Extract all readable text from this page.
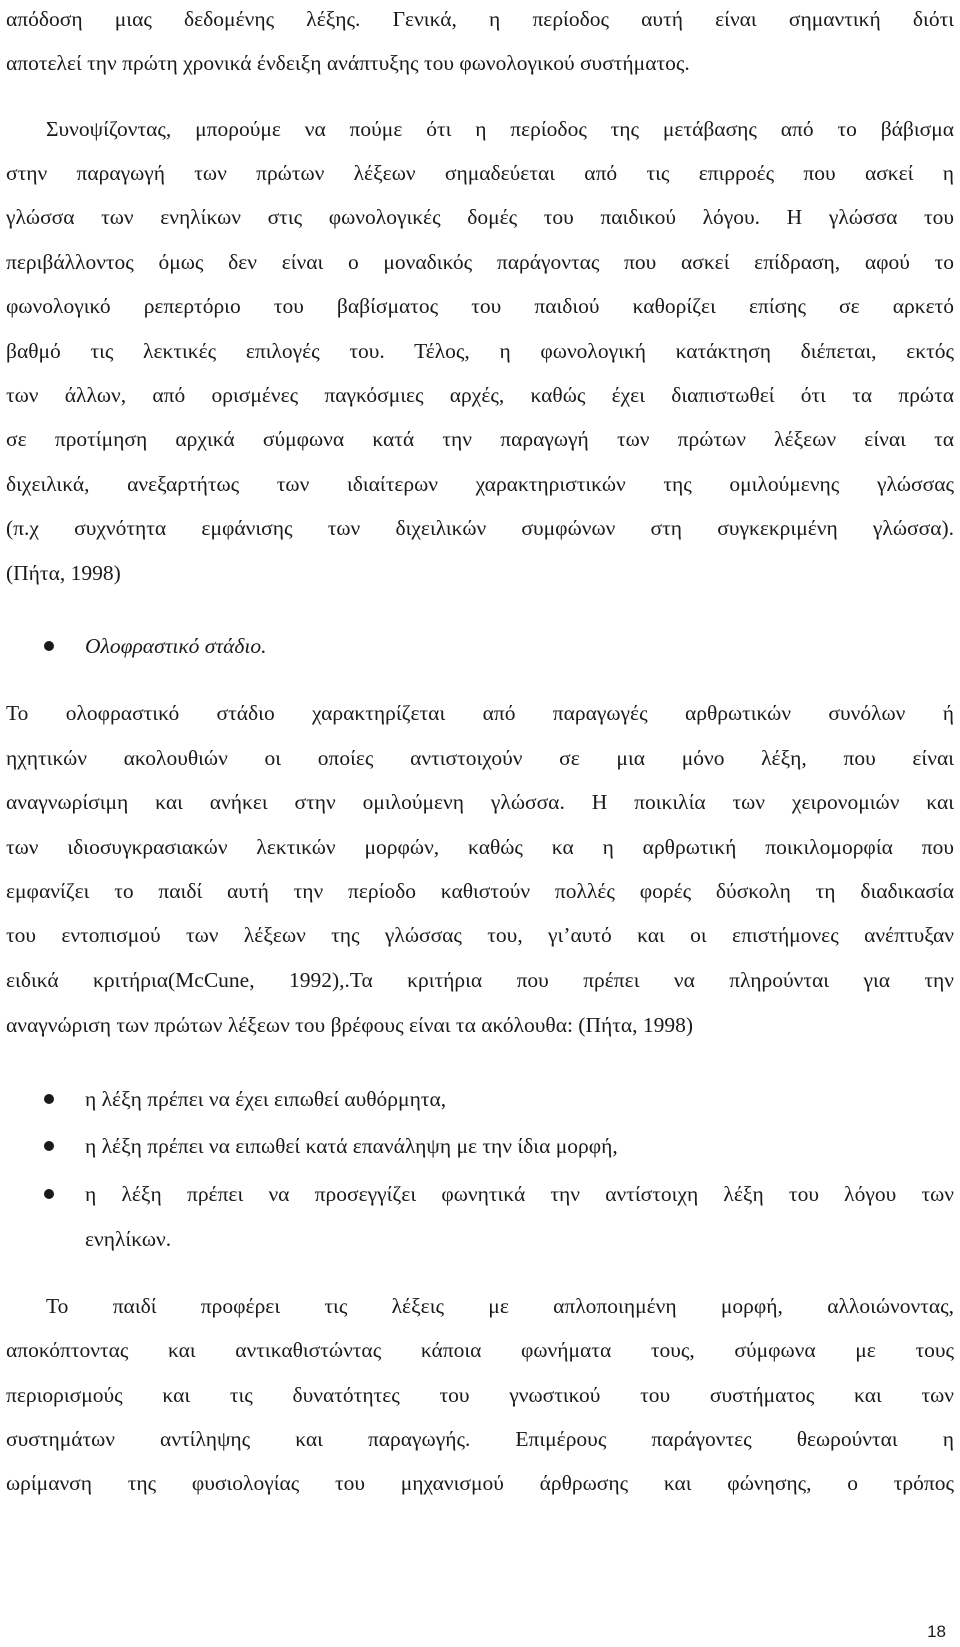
απόδοση μιας δεδομένης λέξης. Γενικά, η περίοδος αυτή είναι σημαντική διότι
αποτελεί την πρώτη χρονικά ένδειξη ανάπτυξης του φωνολογικού συστήματος.
Συνοψίζοντας, μπορούμε να πούμε ότι η περίοδος της μετάβασης από το βάβισμα
στην παραγωγή των πρώτων λέξεων σημαδεύεται από τις επιρροές που ασκεί η
γλώσσα των ενηλίκων στις φωνολογικές δομές του παιδικού λόγου. Η γλώσσα του
περιβάλλοντος όμως δεν είναι ο μοναδικός παράγοντας που ασκεί επίδραση, αφού το
φωνολογικό ρεπερτόριο του βαβίσματος του παιδιού καθορίζει επίσης σε αρκετό
βαθμό τις λεκτικές επιλογές του. Τέλος, η φωνολογική κατάκτηση διέπεται, εκτός
των άλλων, από ορισμένες παγκόσμιες αρχές, καθώς έχει διαπιστωθεί ότι τα πρώτα
σε προτίμηση αρχικά σύμφωνα κατά την παραγωγή των πρώτων λέξεων είναι τα
διχειλικά, ανεξαρτήτως των ιδιαίτερων χαρακτηριστικών της ομιλούμενης γλώσσας
(π.χ συχνότητα εμφάνισης των διχειλικών συμφώνων στη συγκεκριμένη γλώσσα).
(Πήτα, 1998)
Ολοφραστικό στάδιο.
Το ολοφραστικό στάδιο χαρακτηρίζεται από παραγωγές αρθρωτικών συνόλων ή
ηχητικών ακολουθιών οι οποίες αντιστοιχούν σε μια μόνο λέξη, που είναι
αναγνωρίσιμη και ανήκει στην ομιλούμενη γλώσσα. Η ποικιλία των χειρονομιών και
των ιδιοσυγκρασιακών λεκτικών μορφών, καθώς κα η αρθρωτική ποικιλομορφία που
εμφανίζει το παιδί αυτή την περίοδο καθιστούν πολλές φορές δύσκολη τη διαδικασία
του εντοπισμού των λέξεων της γλώσσας του, γι’αυτό και οι επιστήμονες ανέπτυξαν
ειδικά κριτήρια(McCune, 1992),.Τα κριτήρια που πρέπει να πληρούνται για την
αναγνώριση των πρώτων λέξεων του βρέφους είναι τα ακόλουθα: (Πήτα, 1998)
η λέξη πρέπει να έχει ειπωθεί αυθόρμητα,
η λέξη πρέπει να ειπωθεί κατά επανάληψη με την ίδια μορφή,
η λέξη πρέπει να προσεγγίζει φωνητικά την αντίστοιχη λέξη του λόγου των
ενηλίκων.
Το παιδί προφέρει τις λέξεις με απλοποιημένη μορφή, αλλοιώνοντας,
αποκόπτοντας και αντικαθιστώντας κάποια φωνήματα τους, σύμφωνα με τους
περιορισμούς και τις δυνατότητες του γνωστικού του συστήματος και των
συστημάτων αντίληψης και παραγωγής. Επιμέρους παράγοντες θεωρούνται η
ωρίμανση της φυσιολογίας του μηχανισμού άρθρωσης και φώνησης, ο τρόπος
18
